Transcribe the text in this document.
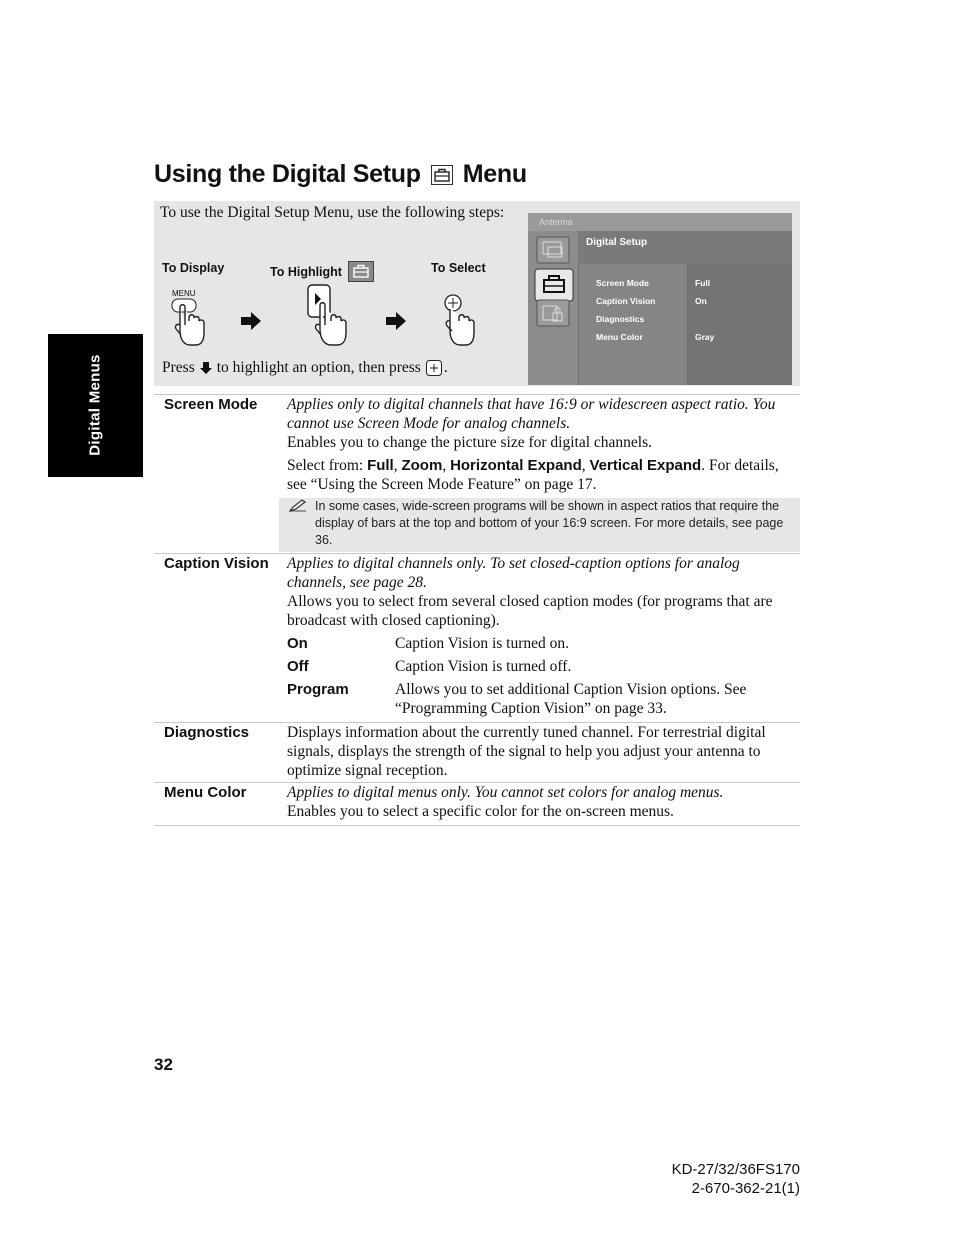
Using the Digital Setup Menu
Digital Menus
To use the Digital Setup Menu, use the following steps:
To Display	To Highlight	To Select
MENU
Press to highlight an option, then press .
Antenna
Digital Setup
Screen Mode	Full
Caption Vision	On
Diagnostics
Menu Color	Gray
Screen Mode Applies only to digital channels that have 16:9 or widescreen aspect ratio. You cannot use Screen Mode for analog channels.
Enables you to change the picture size for digital channels.
Select from: Full, Zoom, Horizontal Expand, Vertical Expand. For details, see “Using the Screen Mode Feature” on page 17.
In some cases, wide-screen programs will be shown in aspect ratios that require the display of bars at the top and bottom of your 16:9 screen. For more details, see page 36.
Caption Vision Applies to digital channels only. To set closed-caption options for analog channels, see page 28.
Allows you to select from several closed caption modes (for programs that are broadcast with closed captioning).
On	Caption Vision is turned on.
Off	Caption Vision is turned off.
Program	Allows you to set additional Caption Vision options. See “Programming Caption Vision” on page 33.
Diagnostics Displays information about the currently tuned channel. For terrestrial digital signals, displays the strength of the signal to help you adjust your antenna to optimize signal reception.
Menu Color	Applies to digital menus only. You cannot set colors for analog menus.
Enables you to select a specific color for the on-screen menus.
32
KD-27/32/36FS170
2-670-362-21(1)
